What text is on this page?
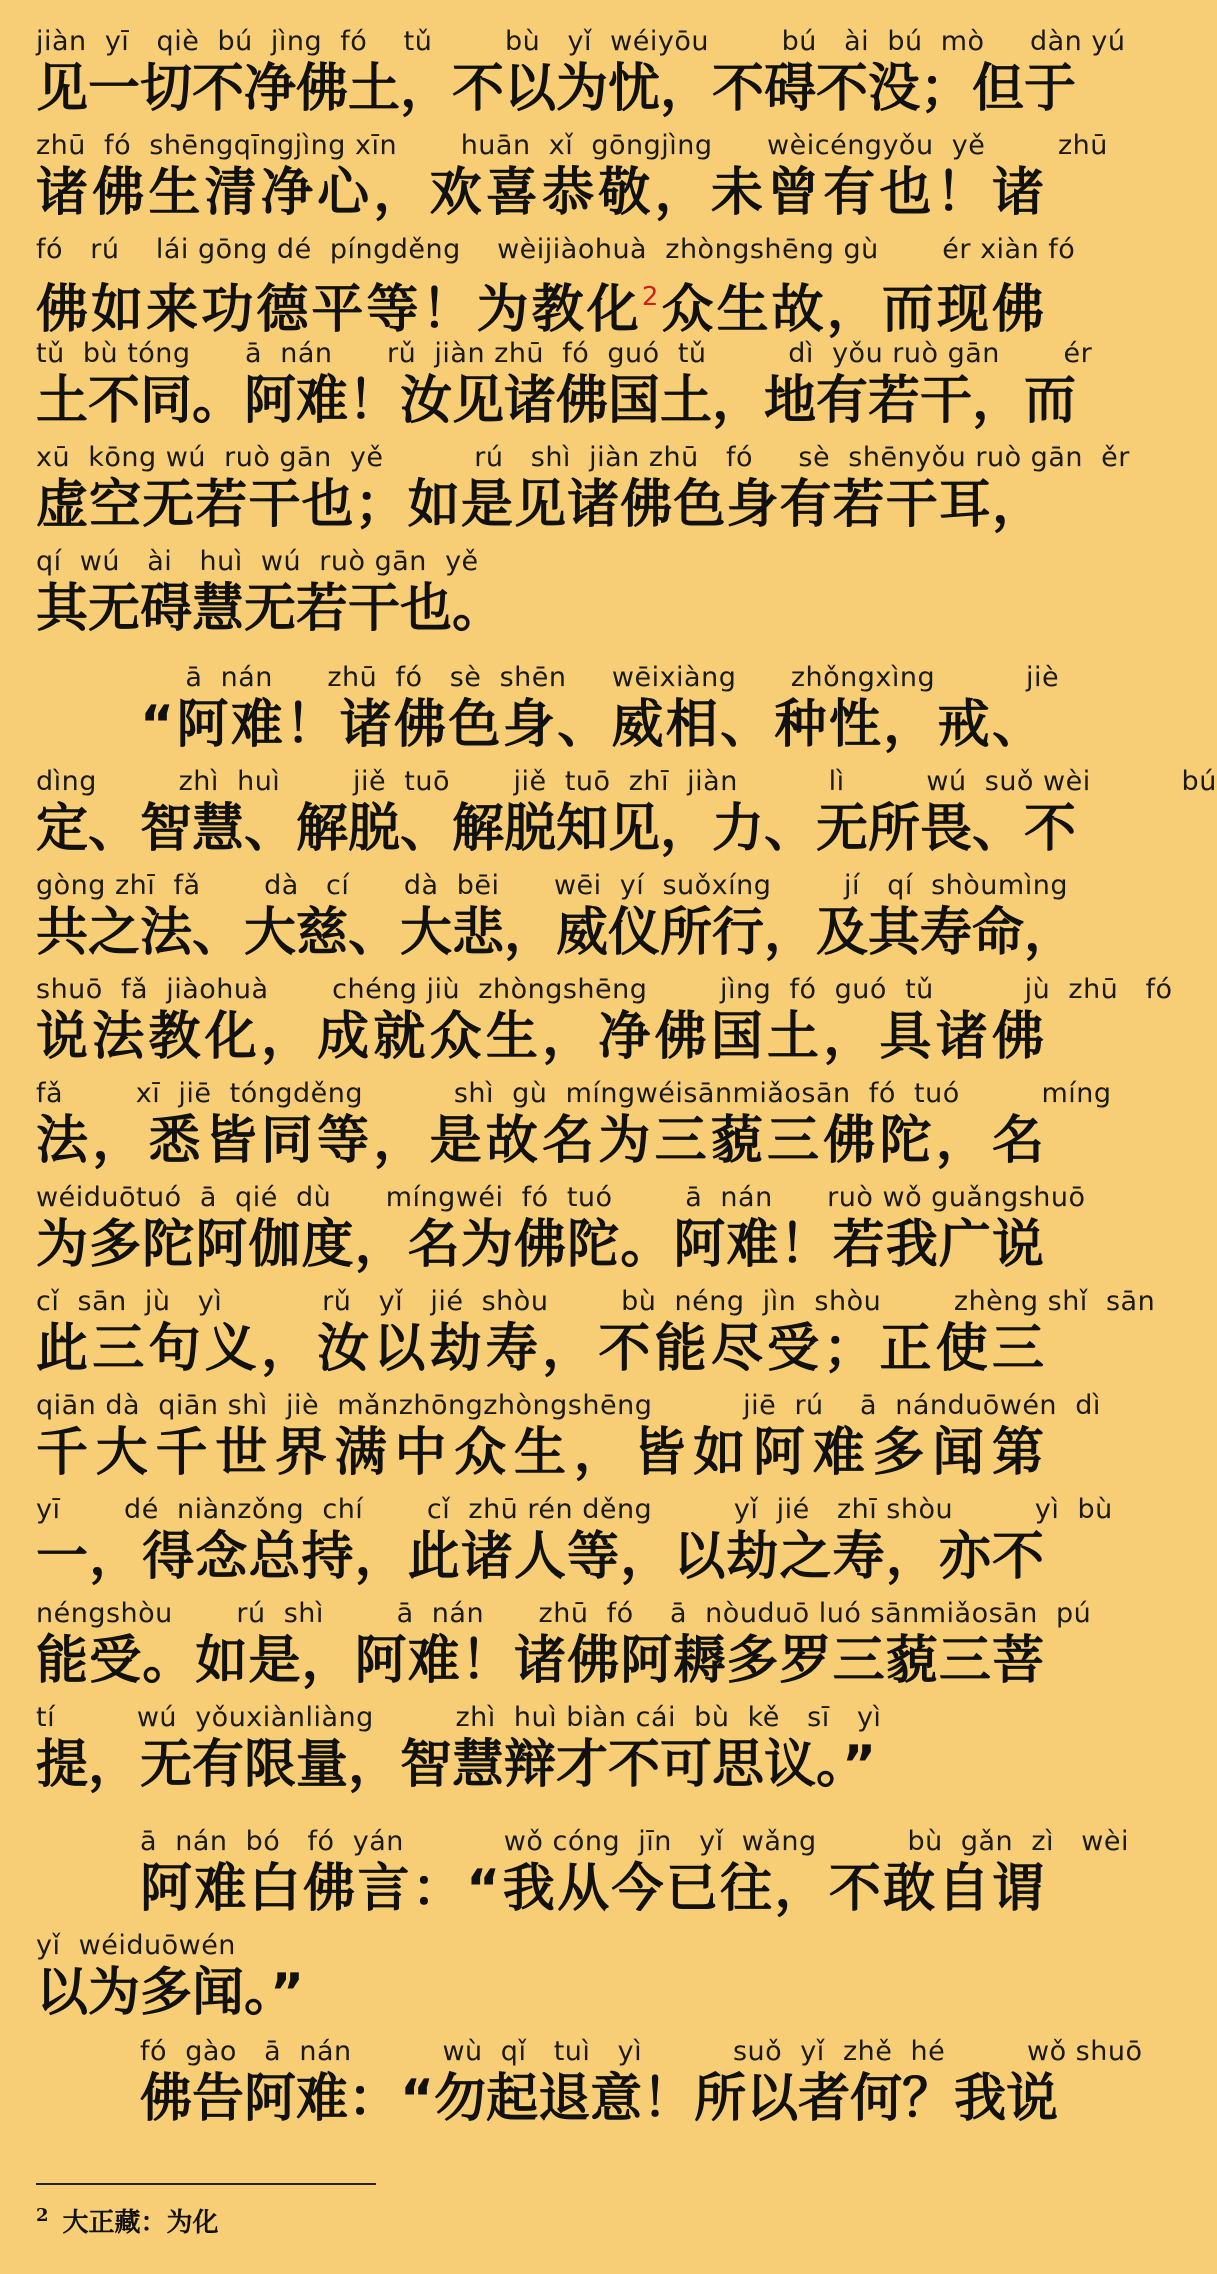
jiàn  yī   qiè  bú  jìng  fó    tǔ        bù   yǐ  wéiyōu        bú   ài  bú  mò     dàn yú
见一切不净佛土，不以为忧，不碍不没；但于
zhū  fó  shēngqīngjìng xīn       huān  xǐ  gōngjìng      wèicéngyǒu  yě        zhū
诸佛生清净心，欢喜恭敬，未曾有也！诸
fó   rú    lái gōng dé  píngděng    wèijiàohuà  zhòngshēng gù       ér xiàn fó
佛如来功德平等！为教化$^2$众生故，而现佛
tǔ  bù tóng      ā  nán      rǔ  jiàn zhū  fó  guó  tǔ         dì  yǒu ruò gān       ér
土不同。阿难！汝见诸佛国土，地有若干，而
xū  kōng wú  ruò gān  yě          rú   shì  jiàn zhū   fó     sè  shēnyǒu ruò gān  ěr
虚空无若干也；如是见诸佛色身有若干耳，
qí  wú   ài   huì  wú  ruò gān  yě
其无碍慧无若干也。
ā  nán      zhū  fó   sè  shēn     wēixiàng      zhǒngxìng          jiè
“阿难！诸佛色身、威相、种性，戒、
dìng         zhì  huì        jiě  tuō       jiě  tuō  zhī  jiàn          lì         wú  suǒ wèi          bú
定、智慧、解脱、解脱知见，力、无所畏、不
gòng zhī  fǎ       dà   cí      dà  bēi      wēi  yí  suǒxíng        jí   qí  shòumìng
共之法、大慈、大悲，威仪所行，及其寿命，
shuō  fǎ  jiàohuà       chéng jiù  zhòngshēng        jìng  fó  guó  tǔ          jù  zhū   fó
说法教化，成就众生，净佛国土，具诸佛
fǎ        xī  jiē  tóngděng          shì  gù  míngwéisānmiǎosān  fó  tuó         míng
法，悉皆同等，是故名为三藐三佛陀，名
wéiduōtuó  ā  qié  dù      míngwéi  fó  tuó        ā  nán      ruò wǒ guǎngshuō
为多陀阿伽度，名为佛陀。阿难！若我广说
cǐ  sān  jù   yì           rǔ   yǐ   jié  shòu        bù  néng  jìn  shòu        zhèng shǐ  sān
此三句义，汝以劫寿，不能尽受；正使三
qiān dà  qiān shì  jiè  mǎnzhōngzhòngshēng          jiē  rú    ā  nánduōwén  dì
千大千世界满中众生，皆如阿难多闻第
yī       dé  niànzǒng  chí       cǐ  zhū rén děng         yǐ  jié   zhī shòu         yì  bù
一，得念总持，此诸人等，以劫之寿，亦不
néngshòu       rú  shì        ā  nán      zhū  fó    ā  nòuduō luó sānmiǎosān  pú
能受。如是，阿难！诸佛阿耨多罗三藐三菩
tí         wú  yǒuxiànliàng         zhì  huì biàn cái  bù  kě   sī   yì
提，无有限量，智慧辩才不可思议。”
ā  nán  bó   fó  yán           wǒ cóng  jīn   yǐ  wǎng          bù  gǎn  zì   wèi
阿难白佛言：“我从今已往，不敢自谓
yǐ  wéiduōwén
以为多闻。”
fó  gào   ā  nán          wù  qǐ   tuì   yì          suǒ  yǐ  zhě  hé         wǒ shuō
佛告阿难：“勿起退意！所以者何？我说
$^2$ 大正藏：为化
